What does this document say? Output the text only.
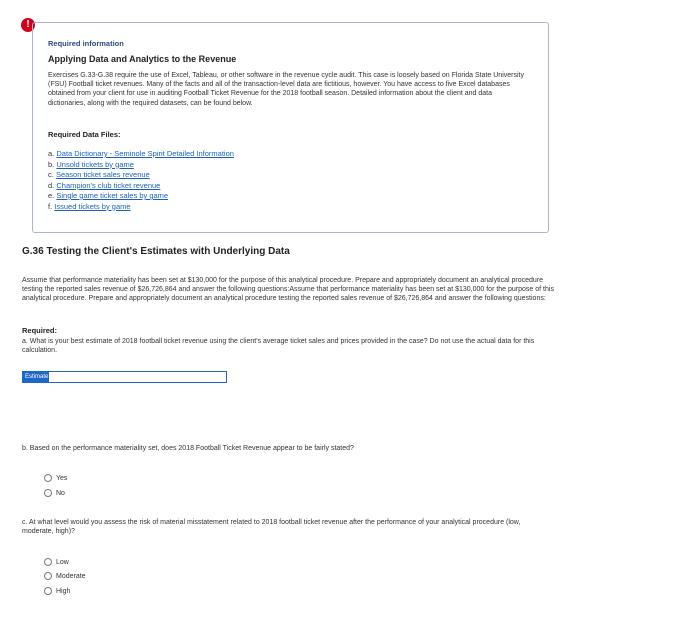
!
Required information
Applying Data and Analytics to the Revenue
Exercises G.33-G.38 require the use of Excel, Tableau, or other software in the revenue cycle audit. This case is loosely based on Florida State University (FSU) Football ticket revenues. Many of the facts and all of the transaction-level data are fictitious, however. You have access to five Excel databases obtained from your client for use in auditing Football Ticket Revenue for the 2018 football season. Detailed information about the client and data dictionaries, along with the required datasets, can be found below.
Required Data Files:
a. Data Dictionary - Seminole Spirit Detailed Information
b. Unsold tickets by game
c. Season ticket sales revenue
d. Champion's club ticket revenue
e. Single game ticket sales by game
f. Issued tickets by game
G.36 Testing the Client's Estimates with Underlying Data
Assume that performance materiality has been set at $130,000 for the purpose of this analytical procedure. Prepare and appropriately document an analytical procedure testing the reported sales revenue of $26,726,864 and answer the following questions:Assume that performance materiality has been set at $130,000 for the purpose of this analytical procedure. Prepare and appropriately document an analytical procedure testing the reported sales revenue of $26,726,864 and answer the following questions:
Required:
a. What is your best estimate of 2018 football ticket revenue using the client's average ticket sales and prices provided in the case? Do not use the actual data for this calculation.
Estimate of ticket revenue
b. Based on the performance materiality set, does 2018 Football Ticket Revenue appear to be fairly stated?
Yes
No
c. At what level would you assess the risk of material misstatement related to 2018 football ticket revenue after the performance of your analytical procedure (low, moderate, high)?
Low
Moderate
High
